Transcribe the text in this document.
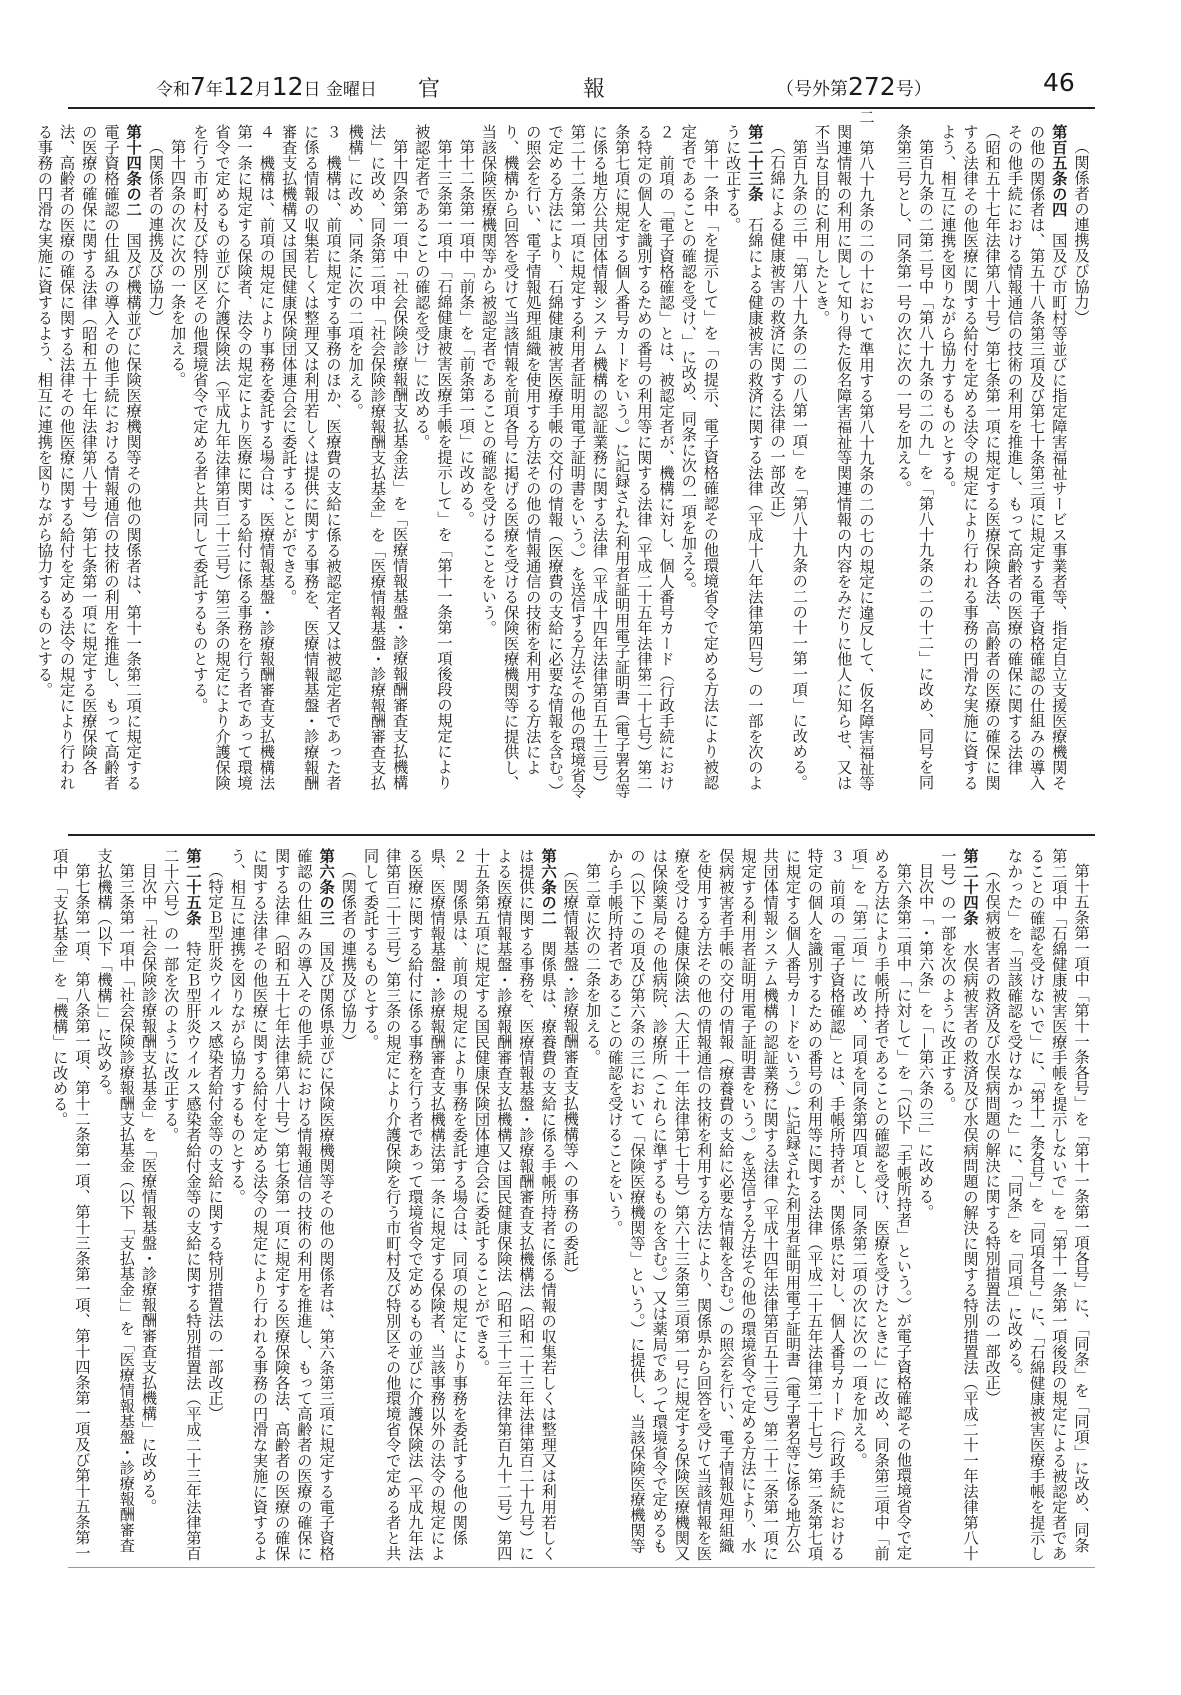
令和7年12月12日 金曜日 官	報	（号外第272号）	46

（関係者の連携及び協力）

第百五条の四　国及び市町村等並びに指定障害福祉サービス事業者等、指定自立支援医療機関その他の関係者は、第五十八条第三項及び第七十条第三項に規定する電子資格確認の仕組みの導入その他手続における情報通信の技術の利用を推進し、もって高齢者の医療の確保に関する法律（昭和五十七年法律第八十号）第七条第一項に規定する医療保険各法、高齢者の医療の確保に関する法律その他医療に関する給付を定める法令の規定により行われる事務の円滑な実施に資するよう、相互に連携を図りながら協力するものとする。

第百九条の二第二号中「第八十九条の二の九」を「第八十九条の二の十二」に改め、同号を同条第三号とし、同条第一号の次に次の一号を加える。

二　第八十九条の二の十において準用する第八十九条の二の七の規定に違反して、仮名障害福祉等関連情報の利用に関して知り得た仮名障害福祉等関連情報の内容をみだりに他人に知らせ、又は不当な目的に利用したとき。

第百九条の三中「第八十九条の二の八第一項」を「第八十九条の二の十一第一項」に改める。

（石綿による健康被害の救済に関する法律の一部改正）

第二十三条　石綿による健康被害の救済に関する法律（平成十八年法律第四号）の一部を次のように改正する。

第十一条中「を提示して」を「の提示、電子資格確認その他環境省令で定める方法により被認定者であることの確認を受け、」に改め、同条に次の一項を加える。

２　前項の「電子資格確認」とは、被認定者が、機構に対し、個人番号カード（行政手続における特定の個人を識別するための番号の利用等に関する法律（平成二十五年法律第二十七号）第二条第七項に規定する個人番号カードをいう。）に記録された利用者証明用電子証明書（電子署名等に係る地方公共団体情報システム機構の認証業務に関する法律（平成十四年法律第百五十三号）第二十二条第一項に規定する利用者証明用電子証明書をいう。）を送信する方法その他の環境省令で定める方法により、石綿健康被害医療手帳の交付の情報（医療費の支給に必要な情報を含む。）の照会を行い、電子情報処理組織を使用する方法その他の情報通信の技術を利用する方法により、機構から回答を受けて当該情報を前項各号に掲げる医療を受ける保険医療機関等に提供し、当該保険医療機関等から被認定者であることの確認を受けることをいう。

第十二条第一項中「前条」を「前条第一項」に改める。

第十三条第一項中「石綿健康被害医療手帳を提示して」を「第十一条第一項後段の規定により被認定者であることの確認を受け」に改める。

第十四条第一項中「社会保険診療報酬支払基金法」を「医療情報基盤・診療報酬審査支払機構法」に改め、同条第二項中「社会保険診療報酬支払基金」を「医療情報基盤・診療報酬審査支払機構」に改め、同条に次の二項を加える。

３　機構は、前項に規定する事務のほか、医療費の支給に係る被認定者又は被認定者であった者に係る情報の収集若しくは整理又は利用若しくは提供に関する事務を、医療情報基盤・診療報酬審査支払機構又は国民健康保険団体連合会に委託することができる。

４　機構は、前項の規定により事務を委託する場合は、医療情報基盤・診療報酬審査支払機構法第一条に規定する保険者、法令の規定により医療に関する給付に係る事務を行う者であって環境省令で定めるもの並びに介護保険法（平成九年法律第百二十三号）第三条の規定により介護保険を行う市町村及び特別区その他環境省令で定める者と共同して委託するものとする。

第十四条の次に次の一条を加える。

（関係者の連携及び協力）

第十四条の二　国及び機構並びに保険医療機関等その他の関係者は、第十一条第二項に規定する電子資格確認の仕組みの導入その他手続における情報通信の技術の利用を推進し、もって高齢者の医療の確保に関する法律（昭和五十七年法律第八十号）第七条第一項に規定する医療保険各法、高齢者の医療の確保に関する法律その他医療に関する給付を定める法令の規定により行われる事務の円滑な実施に資するよう、相互に連携を図りながら協力するものとする。

第十五条第一項中「第十一条各号」を「第十一条第一項各号」に、「同条」を「同項」に改め、同条第二項中「石綿健康被害医療手帳を提示しないで」を「第十一条第一項後段の規定による被認定者であることの確認を受けないで」に、「第十一条各号」を「同項各号」に、「石綿健康被害医療手帳を提示しなかった」を「当該確認を受けなかった」に、「同条」を「同項」に改める。

（水俣病被害者の救済及び水俣病問題の解決に関する特別措置法の一部改正）

第二十四条　水俣病被害者の救済及び水俣病問題の解決に関する特別措置法（平成二十一年法律第八十一号）の一部を次のように改正する。

目次中「・第六条」を「―第六条の三」に改める。

第六条第二項中「に対して」を「（以下「手帳所持者」という。）が電子資格確認その他環境省令で定める方法により手帳所持者であることの確認を受け、医療を受けたときに」に改め、同条第三項中「前項」を「第二項」に改め、同項を同条第四項とし、同条第二項の次に次の一項を加える。

３　前項の「電子資格確認」とは、手帳所持者が、関係県に対し、個人番号カード（行政手続における特定の個人を識別するための番号の利用等に関する法律（平成二十五年法律第二十七号）第二条第七項に規定する個人番号カードをいう。）に記録された利用者証明用電子証明書（電子署名等に係る地方公共団体情報システム機構の認証業務に関する法律（平成十四年法律第百五十三号）第二十二条第一項に規定する利用者証明用電子証明書をいう。）を送信する方法その他の環境省令で定める方法により、水俣病被害者手帳の交付の情報（療養費の支給に必要な情報を含む。）の照会を行い、電子情報処理組織を使用する方法その他の情報通信の技術を利用する方法により、関係県から回答を受けて当該情報を医療を受ける健康保険法（大正十一年法律第七十号）第六十三条第三項第一号に規定する保険医療機関又は保険薬局その他病院、診療所（これらに準ずるものを含む。）又は薬局であって環境省令で定めるもの（以下この項及び第六条の三において「保険医療機関等」という。）に提供し、当該保険医療機関等から手帳所持者であることの確認を受けることをいう。

第二章に次の二条を加える。

（医療情報基盤・診療報酬審査支払機構等への事務の委託）

第六条の二　関係県は、療養費の支給に係る手帳所持者に係る情報の収集若しくは整理又は利用若しくは提供に関する事務を、医療情報基盤・診療報酬審査支払機構法（昭和二十三年法律第百二十九号）による医療情報基盤・診療報酬審査支払機構又は国民健康保険法（昭和三十三年法律第百九十二号）第四十五条第五項に規定する国民健康保険団体連合会に委託することができる。

２　関係県は、前項の規定により事務を委託する場合は、同項の規定により事務を委託する他の関係県、医療情報基盤・診療報酬審査支払機構法第一条に規定する保険者、当該事務以外の法令の規定による医療に関する給付に係る事務を行う者であって環境省令で定めるもの並びに介護保険法（平成九年法律第百二十三号）第三条の規定により介護保険を行う市町村及び特別区その他環境省令で定める者と共同して委託するものとする。

（関係者の連携及び協力）

第六条の三　国及び関係県並びに保険医療機関等その他の関係者は、第六条第三項に規定する電子資格確認の仕組みの導入その他手続における情報通信の技術の利用を推進し、もって高齢者の医療の確保に関する法律（昭和五十七年法律第八十号）第七条第一項に規定する医療保険各法、高齢者の医療の確保に関する法律その他医療に関する給付を定める法令の規定により行われる事務の円滑な実施に資するよう、相互に連携を図りながら協力するものとする。

（特定Ｂ型肝炎ウイルス感染者給付金等の支給に関する特別措置法の一部改正）

第二十五条　特定Ｂ型肝炎ウイルス感染者給付金等の支給に関する特別措置法（平成二十三年法律第百二十六号）の一部を次のように改正する。

目次中「社会保険診療報酬支払基金」を「医療情報基盤・診療報酬審査支払機構」に改める。

第三条第一項中「社会保険診療報酬支払基金（以下「支払基金」」を「医療情報基盤・診療報酬審査支払機構（以下「機構」」に改める。

第七条第一項、第八条第一項、第十二条第一項、第十三条第一項、第十四条第一項及び第十五条第一項中「支払基金」を「機構」に改める。
